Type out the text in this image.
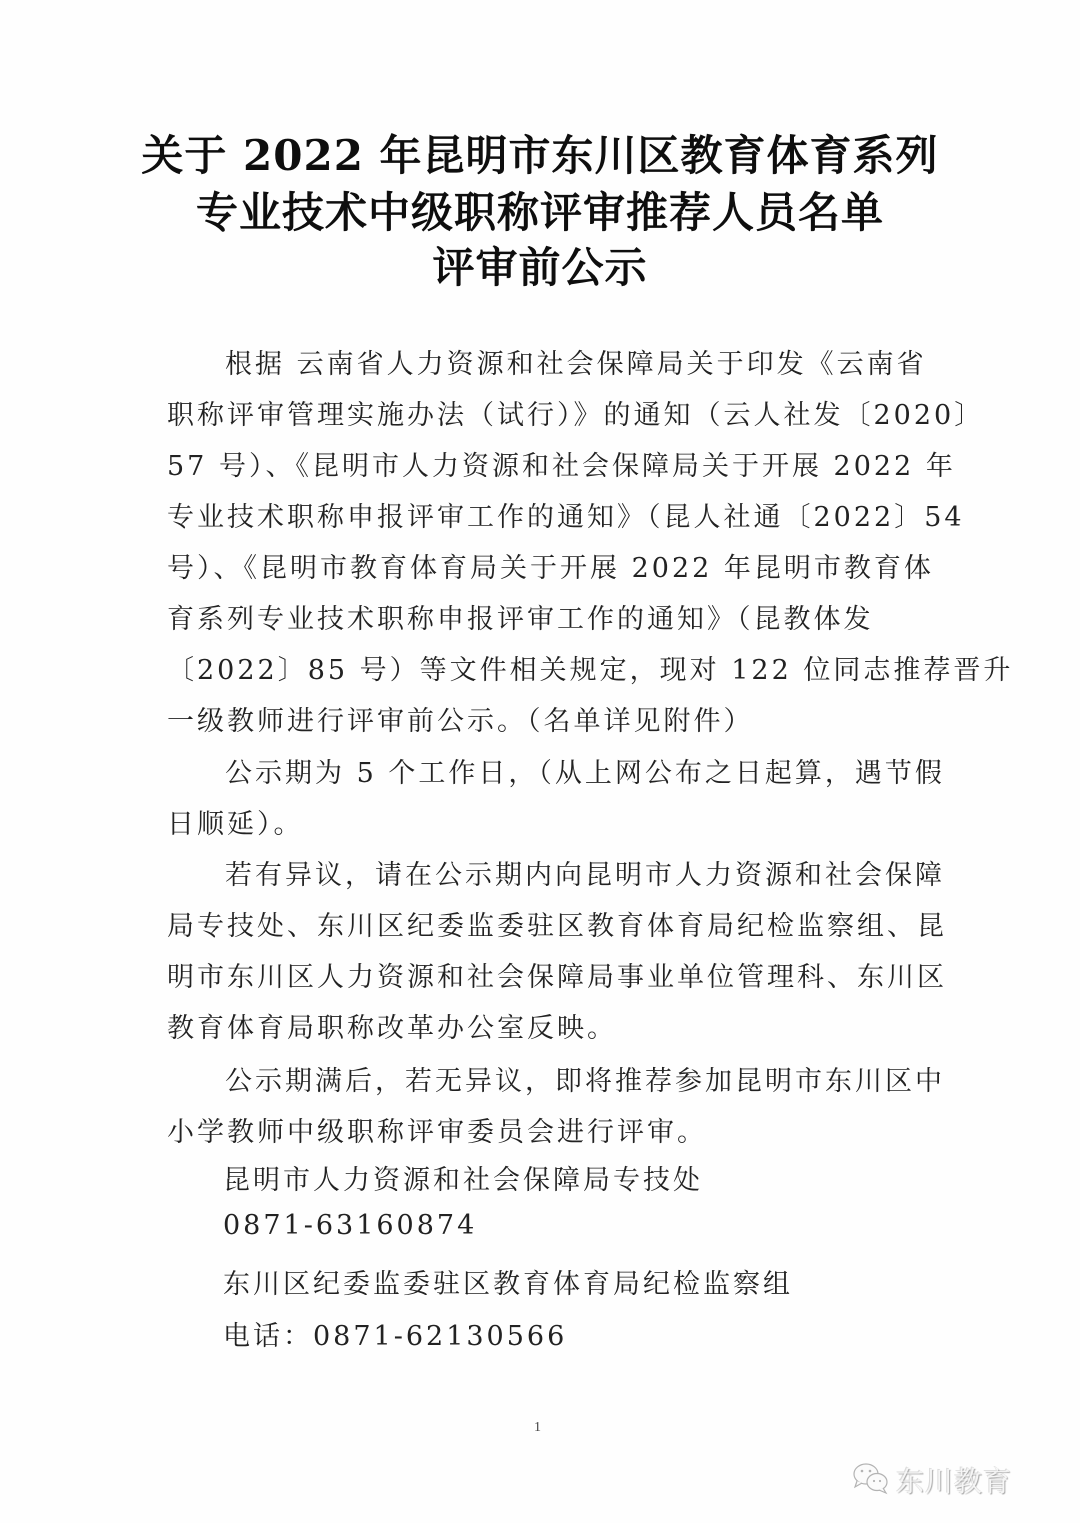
关于 2022 年昆明市东川区教育体育系列
专业技术中级职称评审推荐人员名单
评审前公示
根据 云南省人力资源和社会保障局关于印发《云南省
职称评审管理实施办法（试行）》的通知（云人社发〔2020〕
57 号）、《昆明市人力资源和社会保障局关于开展 2022 年
专业技术职称申报评审工作的通知》（昆人社通〔2022〕54
号）、《昆明市教育体育局关于开展 2022 年昆明市教育体
育系列专业技术职称申报评审工作的通知》（昆教体发
〔2022〕85 号）等文件相关规定，现对 122 位同志推荐晋升
一级教师进行评审前公示。（名单详见附件）
公示期为 5 个工作日，（从上网公布之日起算，遇节假
日顺延）。
若有异议，请在公示期内向昆明市人力资源和社会保障
局专技处、东川区纪委监委驻区教育体育局纪检监察组、昆
明市东川区人力资源和社会保障局事业单位管理科、东川区
教育体育局职称改革办公室反映。
公示期满后，若无异议，即将推荐参加昆明市东川区中
小学教师中级职称评审委员会进行评审。
昆明市人力资源和社会保障局专技处
0871-63160874
东川区纪委监委驻区教育体育局纪检监察组
电话：0871-62130566
1
东川教育
